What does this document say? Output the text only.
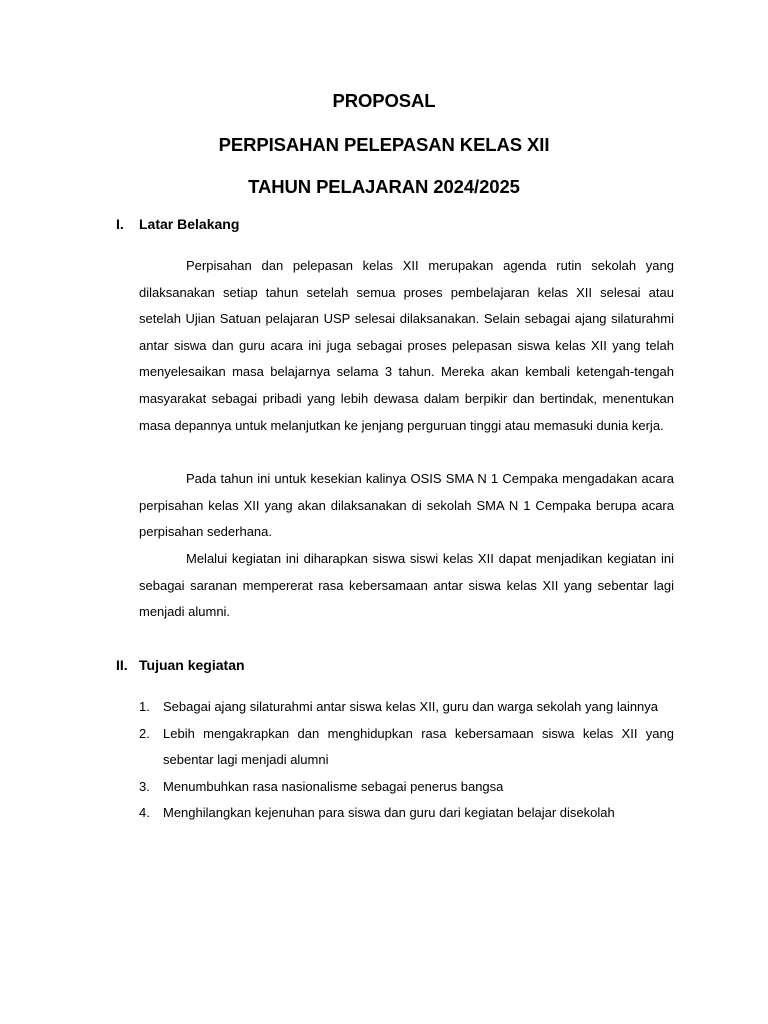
PROPOSAL
PERPISAHAN PELEPASAN KELAS XII
TAHUN PELAJARAN 2024/2025
I. Latar Belakang

Perpisahan dan pelepasan kelas XII merupakan agenda rutin sekolah yang dilaksanakan setiap tahun setelah semua proses pembelajaran kelas XII selesai atau setelah Ujian Satuan pelajaran USP selesai dilaksanakan. Selain sebagai ajang silaturahmi antar siswa dan guru acara ini juga sebagai proses pelepasan siswa kelas XII yang telah menyelesaikan masa belajarnya selama 3 tahun. Mereka akan kembali ketengah-tengah masyarakat sebagai pribadi yang lebih dewasa dalam berpikir dan bertindak, menentukan masa depannya untuk melanjutkan ke jenjang perguruan tinggi atau memasuki dunia kerja.

Pada tahun ini untuk kesekian kalinya OSIS SMA N 1 Cempaka mengadakan acara perpisahan kelas XII yang akan dilaksanakan di sekolah SMA N 1 Cempaka berupa acara perpisahan sederhana.

Melalui kegiatan ini diharapkan siswa siswi kelas XII dapat menjadikan kegiatan ini sebagai saranan mempererat rasa kebersamaan antar siswa kelas XII yang sebentar lagi menjadi alumni.

II. Tujuan kegiatan
1. Sebagai ajang silaturahmi antar siswa kelas XII, guru dan warga sekolah yang lainnya
2. Lebih mengakrapkan dan menghidupkan rasa kebersamaan siswa kelas XII yang sebentar lagi menjadi alumni
3. Menumbuhkan rasa nasionalisme sebagai penerus bangsa
4. Menghilangkan kejenuhan para siswa dan guru dari kegiatan belajar disekolah
